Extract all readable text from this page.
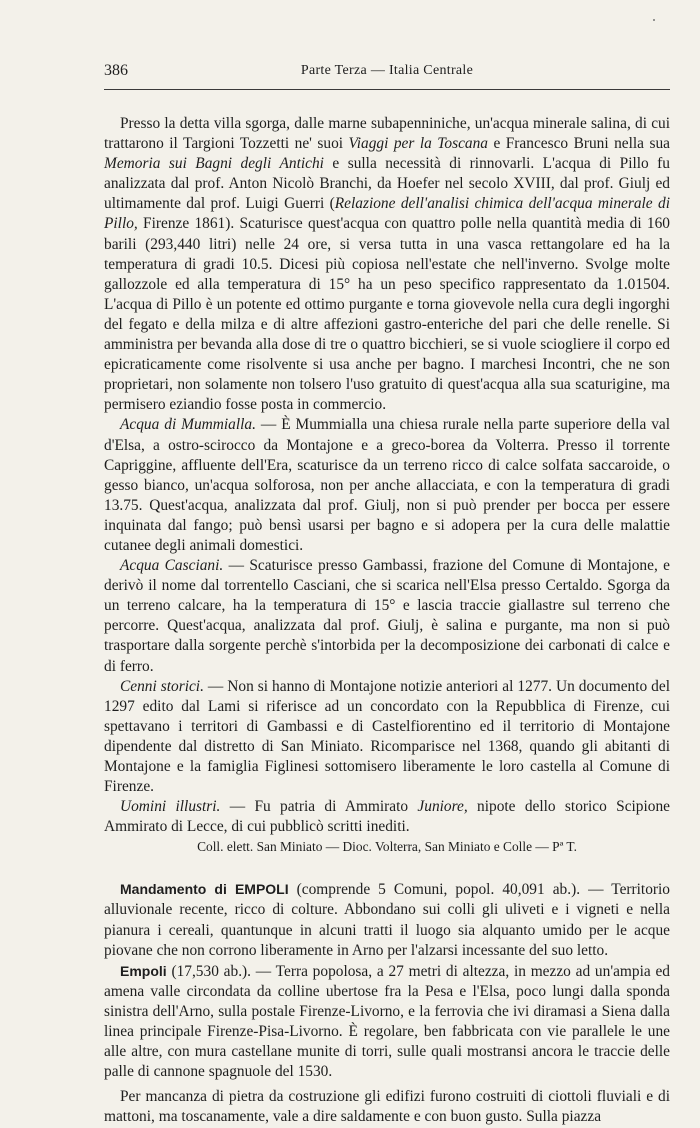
386	Parte Terza — Italia Centrale

Presso la detta villa sgorga, dalle marne subapenniniche, un'acqua minerale salina, di cui trattarono il Targioni Tozzetti ne' suoi Viaggi per la Toscana e Francesco Bruni nella sua Memoria sui Bagni degli Antichi e sulla necessità di rinnovarli. L'acqua di Pillo fu analizzata dal prof. Anton Nicolò Branchi, da Hoefer nel secolo XVIII, dal prof. Giulj ed ultimamente dal prof. Luigi Guerri (Relazione dell'analisi chimica dell'acqua minerale di Pillo, Firenze 1861). Scaturisce quest'acqua con quattro polle nella quantità media di 160 barili (293,440 litri) nelle 24 ore, si versa tutta in una vasca rettangolare ed ha la temperatura di gradi 10.5. Dicesi più copiosa nell'estate che nell'inverno. Svolge molte gallozzole ed alla temperatura di 15° ha un peso specifico rappresentato da 1.01504. L'acqua di Pillo è un potente ed ottimo purgante e torna giovevole nella cura degli ingorghi del fegato e della milza e di altre affezioni gastro-enteriche del pari che delle renelle. Si amministra per bevanda alla dose di tre o quattro bicchieri, se si vuole sciogliere il corpo ed epicraticamente come risolvente si usa anche per bagno. I marchesi Incontri, che ne son proprietari, non solamente non tolsero l'uso gratuito di quest'acqua alla sua scaturigine, ma permisero eziandio fosse posta in commercio.

Acqua di Mummialla. — È Mummialla una chiesa rurale nella parte superiore della val d'Elsa, a ostro-scirocco da Montajone e a greco-borea da Volterra. Presso il torrente Capriggine, affluente dell'Era, scaturisce da un terreno ricco di calce solfata saccaroide, o gesso bianco, un'acqua solforosa, non per anche allacciata, e con la temperatura di gradi 13.75. Quest'acqua, analizzata dal prof. Giulj, non si può prender per bocca per essere inquinata dal fango; può bensì usarsi per bagno e si adopera per la cura delle malattie cutanee degli animali domestici.

Acqua Casciani. — Scaturisce presso Gambassi, frazione del Comune di Montajone, e derivò il nome dal torrentello Casciani, che si scarica nell'Elsa presso Certaldo. Sgorga da un terreno calcare, ha la temperatura di 15° e lascia traccie giallastre sul terreno che percorre. Quest'acqua, analizzata dal prof. Giulj, è salina e purgante, ma non si può trasportare dalla sorgente perchè s'intorbida per la decomposizione dei carbonati di calce e di ferro.

Cenni storici. — Non si hanno di Montajone notizie anteriori al 1277. Un documento del 1297 edito dal Lami si riferisce ad un concordato con la Repubblica di Firenze, cui spettavano i territori di Gambassi e di Castelfiorentino ed il territorio di Montajone dipendente dal distretto di San Miniato. Ricomparisce nel 1368, quando gli abitanti di Montajone e la famiglia Figlinesi sottomisero liberamente le loro castella al Comune di Firenze.

Uomini illustri. — Fu patria di Ammirato Juniore, nipote dello storico Scipione Ammirato di Lecce, di cui pubblicò scritti inediti.

Coll. elett. San Miniato — Dioc. Volterra, San Miniato e Colle — Pª T.

Mandamento di EMPOLI (comprende 5 Comuni, popol. 40,091 ab.). — Territorio alluvionale recente, ricco di colture. Abbondano sui colli gli uliveti e i vigneti e nella pianura i cereali, quantunque in alcuni tratti il luogo sia alquanto umido per le acque piovane che non corrono liberamente in Arno per l'alzarsi incessante del suo letto.

Empoli (17,530 ab.). — Terra popolosa, a 27 metri di altezza, in mezzo ad un'ampia ed amena valle circondata da colline ubertose fra la Pesa e l'Elsa, poco lungi dalla sponda sinistra dell'Arno, sulla postale Firenze-Livorno, e la ferrovia che ivi diramasi a Siena dalla linea principale Firenze-Pisa-Livorno. È regolare, ben fabbricata con vie parallele le une alle altre, con mura castellane munite di torri, sulle quali mostransi ancora le traccie delle palle di cannone spagnuole del 1530.

Per mancanza di pietra da costruzione gli edifizi furono costruiti di ciottoli fluviali e di mattoni, ma toscanamente, vale a dire saldamente e con buon gusto. Sulla piazza
